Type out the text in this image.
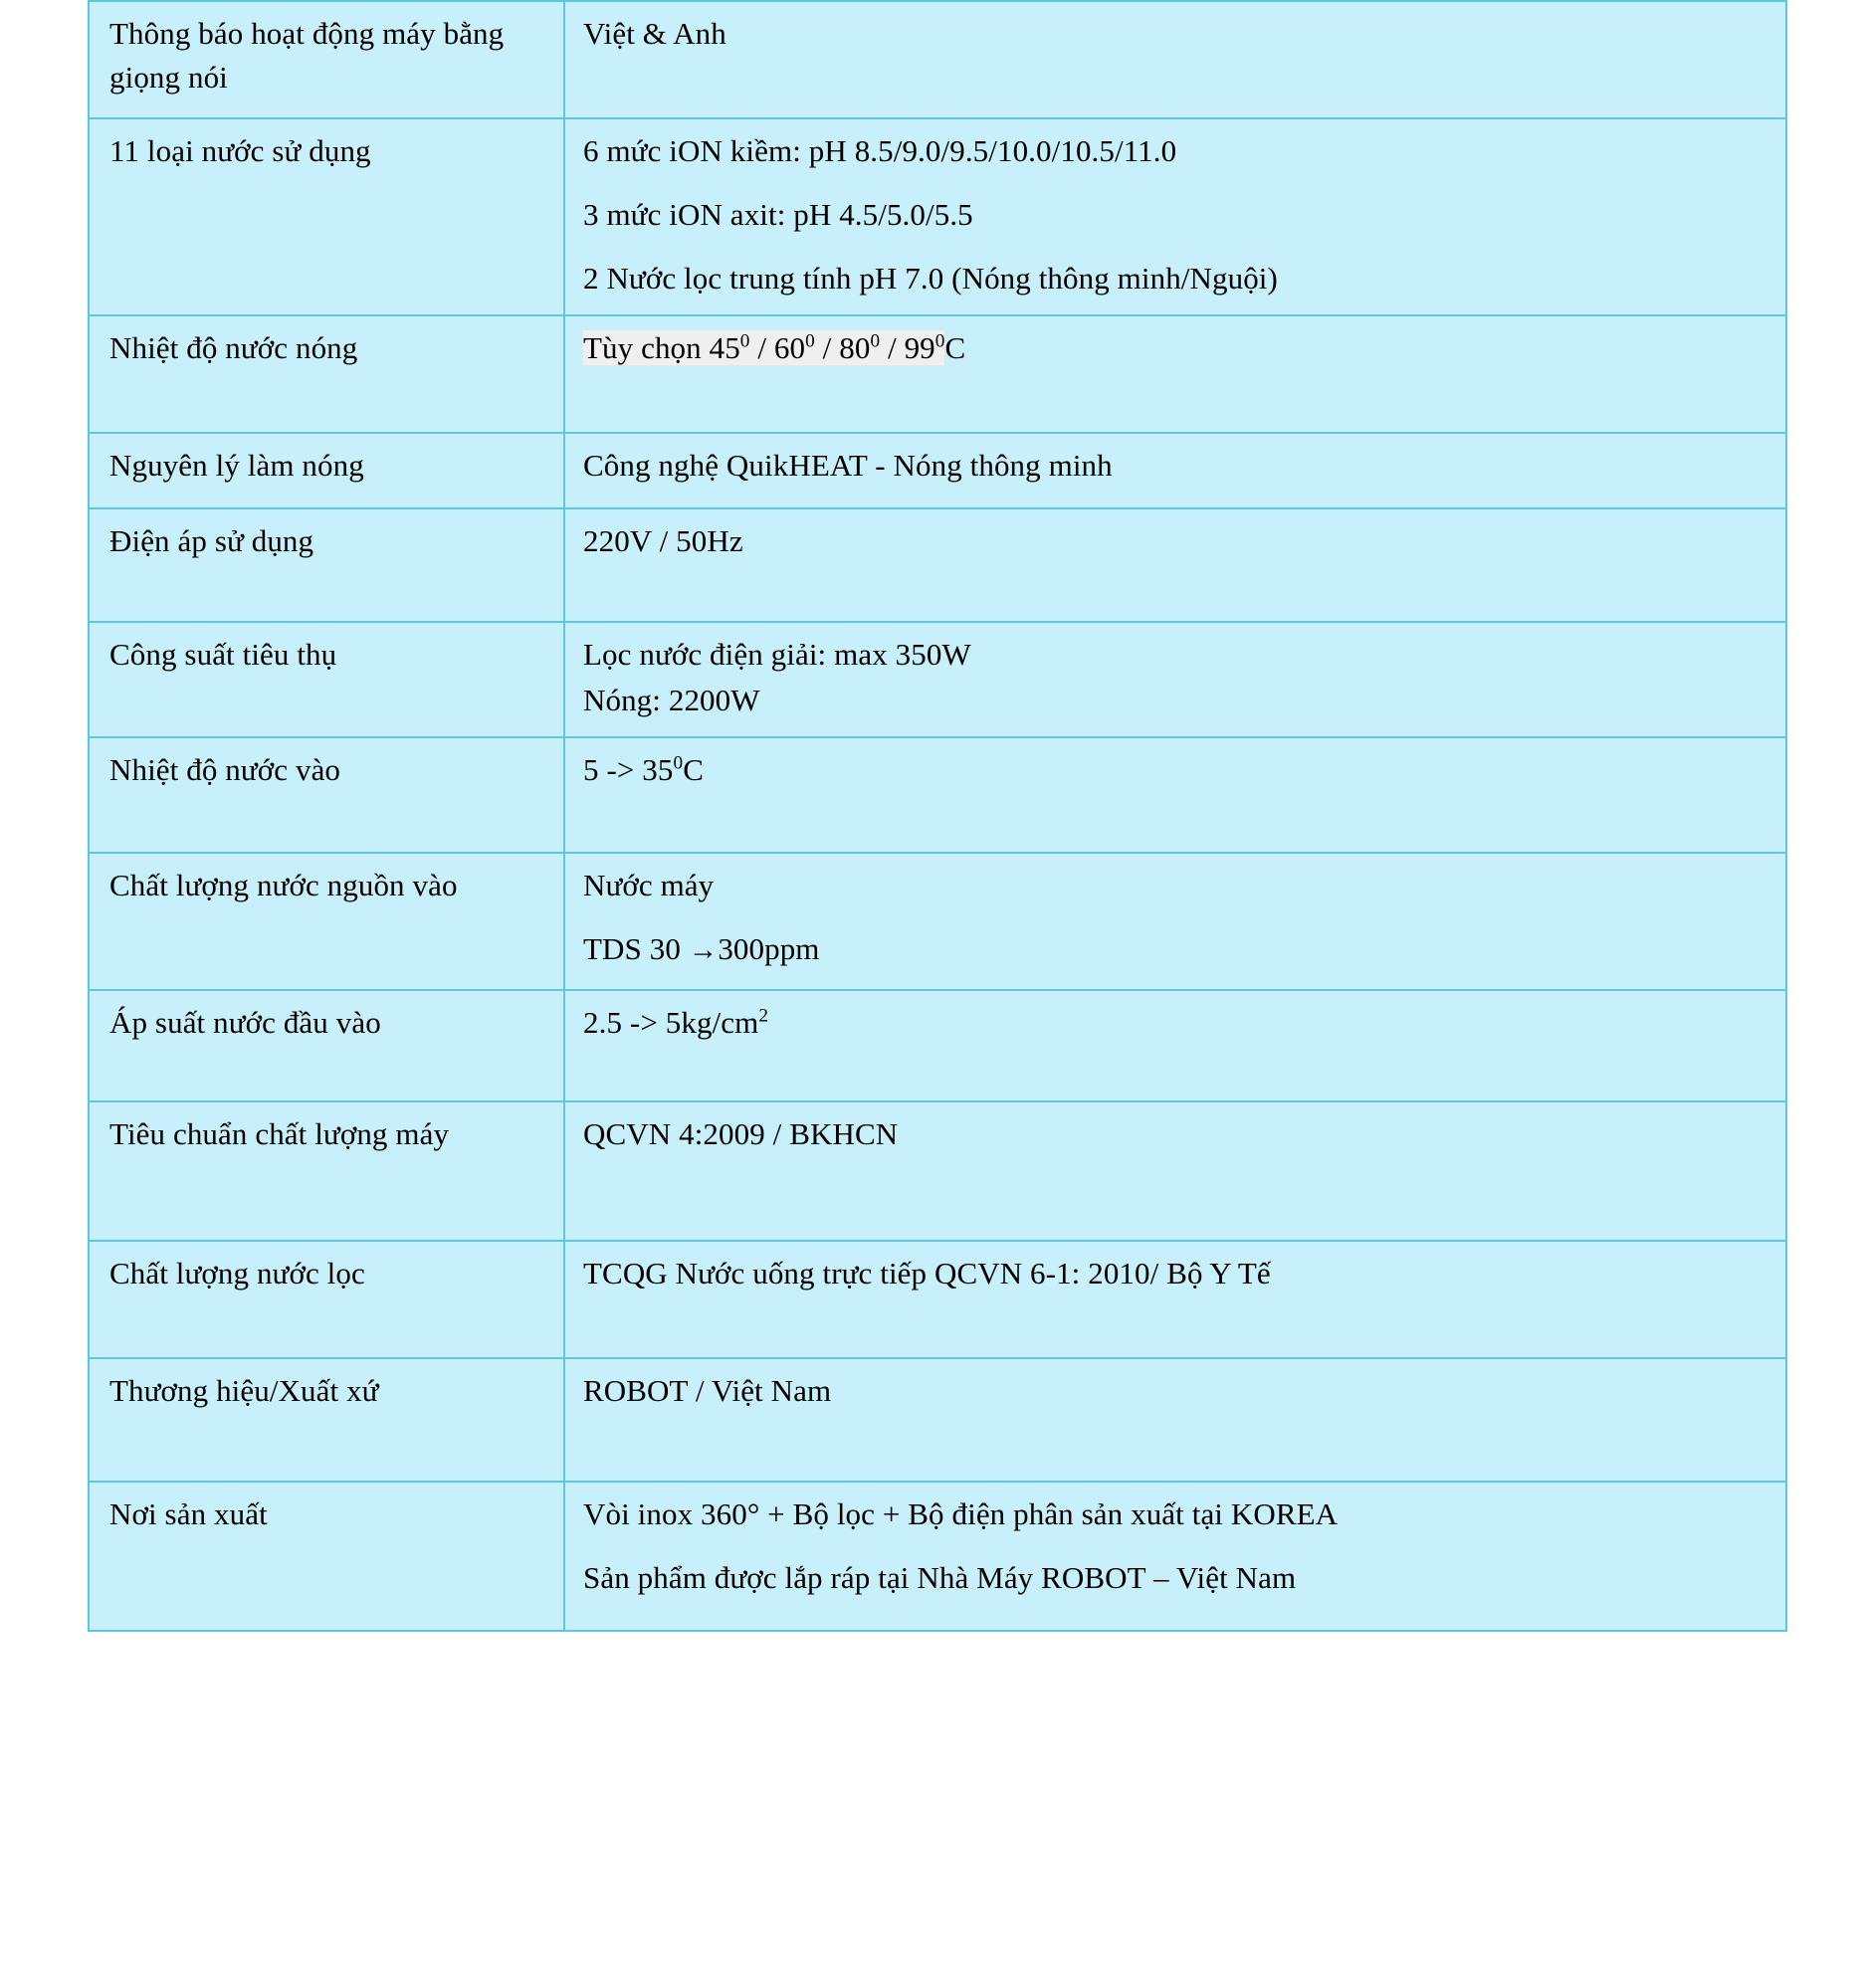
Thông báo hoạt động máy bằng giọng nói	Việt & Anh

11 loại nước sử dụng	6 mức iON kiềm: pH 8.5/9.0/9.5/10.0/10.5/11.0
3 mức iON axit: pH 4.5/5.0/5.5
2 Nước lọc trung tính pH 7.0 (Nóng thông minh/Nguội)

Nhiệt độ nước nóng	Tùy chọn $45^0 / 60^0 / 80^0 / 99^0C$

Nguyên lý làm nóng	Công nghệ QuikHEAT - Nóng thông minh

Điện áp sử dụng	220V / 50Hz

Công suất tiêu thụ	Lọc nước điện giải: max 350W
Nóng: 2200W

Nhiệt độ nước vào	$5 -> 35^0C$

Chất lượng nước nguồn vào	Nước máy
TDS 30 →300ppm

Áp suất nước đầu vào	$2.5 -> 5kg/cm^2$

Tiêu chuẩn chất lượng máy	QCVN 4:2009 / BKHCN

Chất lượng nước lọc	TCQG Nước uống trực tiếp QCVN 6-1: 2010/ Bộ Y Tế

Thương hiệu/Xuất xứ	ROBOT / Việt Nam

Nơi sản xuất	Vòi inox 360° + Bộ lọc + Bộ điện phân sản xuất tại KOREA
Sản phẩm được lắp ráp tại Nhà Máy ROBOT – Việt Nam
